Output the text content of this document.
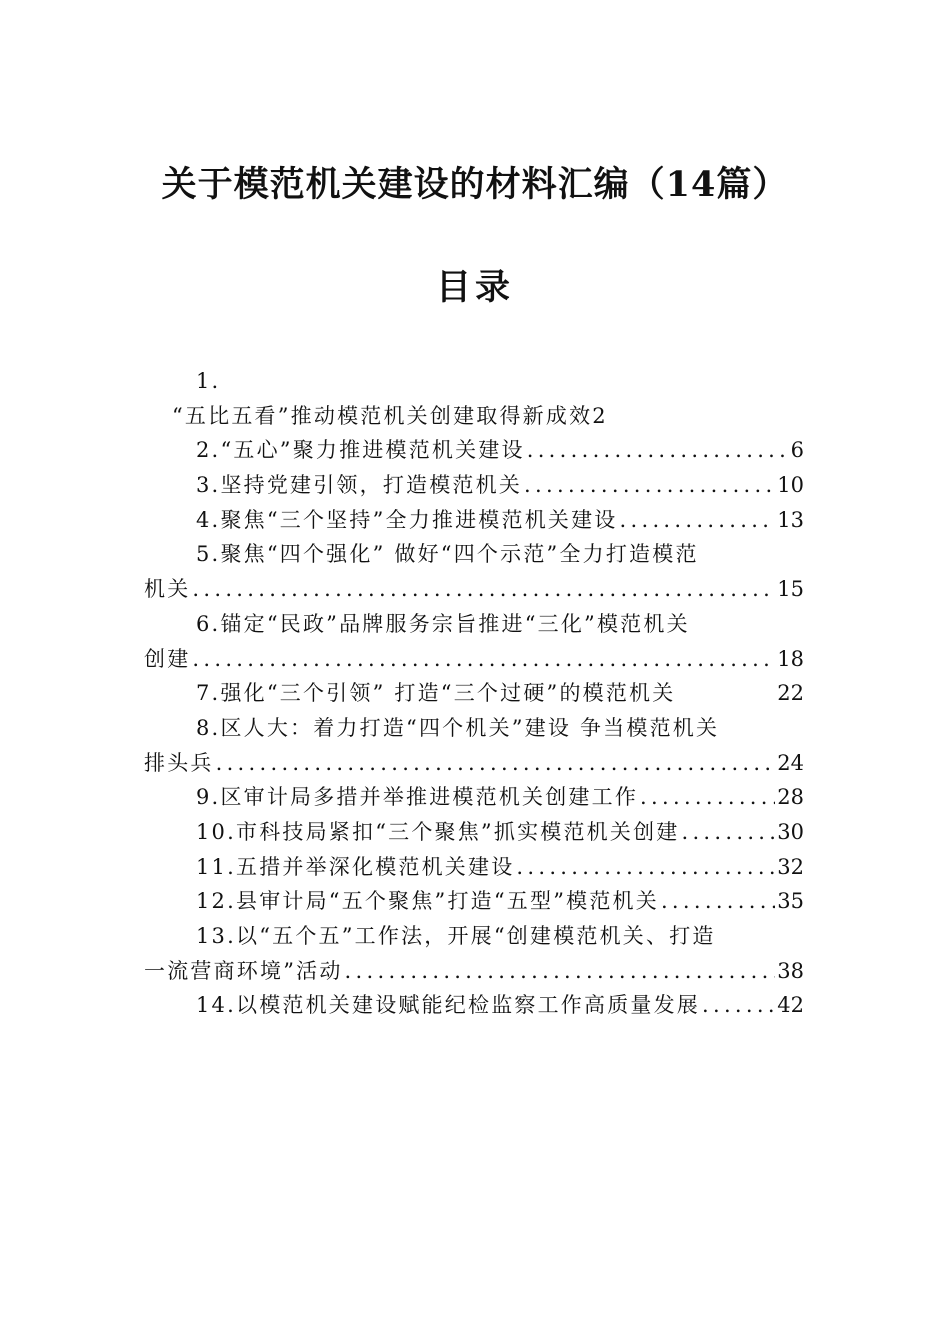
关于模范机关建设的材料汇编（14篇）
目录
1.
“五比五看”推动模范机关创建取得新成效 2
2. “五心”聚力推进模范机关建设 .....	6
3. 坚持党建引领，打造模范机关 .....	10
4. 聚焦“三个坚持”全力推进模范机关建设 .....	13
5. 聚焦“四个强化” 做好“四个示范”全力打造模范
机关 .....	15
6. 锚定“民政”品牌服务宗旨推进“三化”模范机关
创建 .....	18
7. 强化“三个引领” 打造“三个过硬”的模范机关	22
8. 区人大：着力打造“四个机关”建设 争当模范机关
排头兵 .....	24
9. 区审计局多措并举推进模范机关创建工作 .....	28
10. 市科技局紧扣“三个聚焦”抓实模范机关创建 .....	30
11. 五措并举深化模范机关建设 .....	32
12. 县审计局“五个聚焦”打造“五型”模范机关 .....	35
13. 以“五个五”工作法，开展“创建模范机关、打造
一流营商环境”活动 .....	38
14. 以模范机关建设赋能纪检监察工作高质量发展 .....	42
